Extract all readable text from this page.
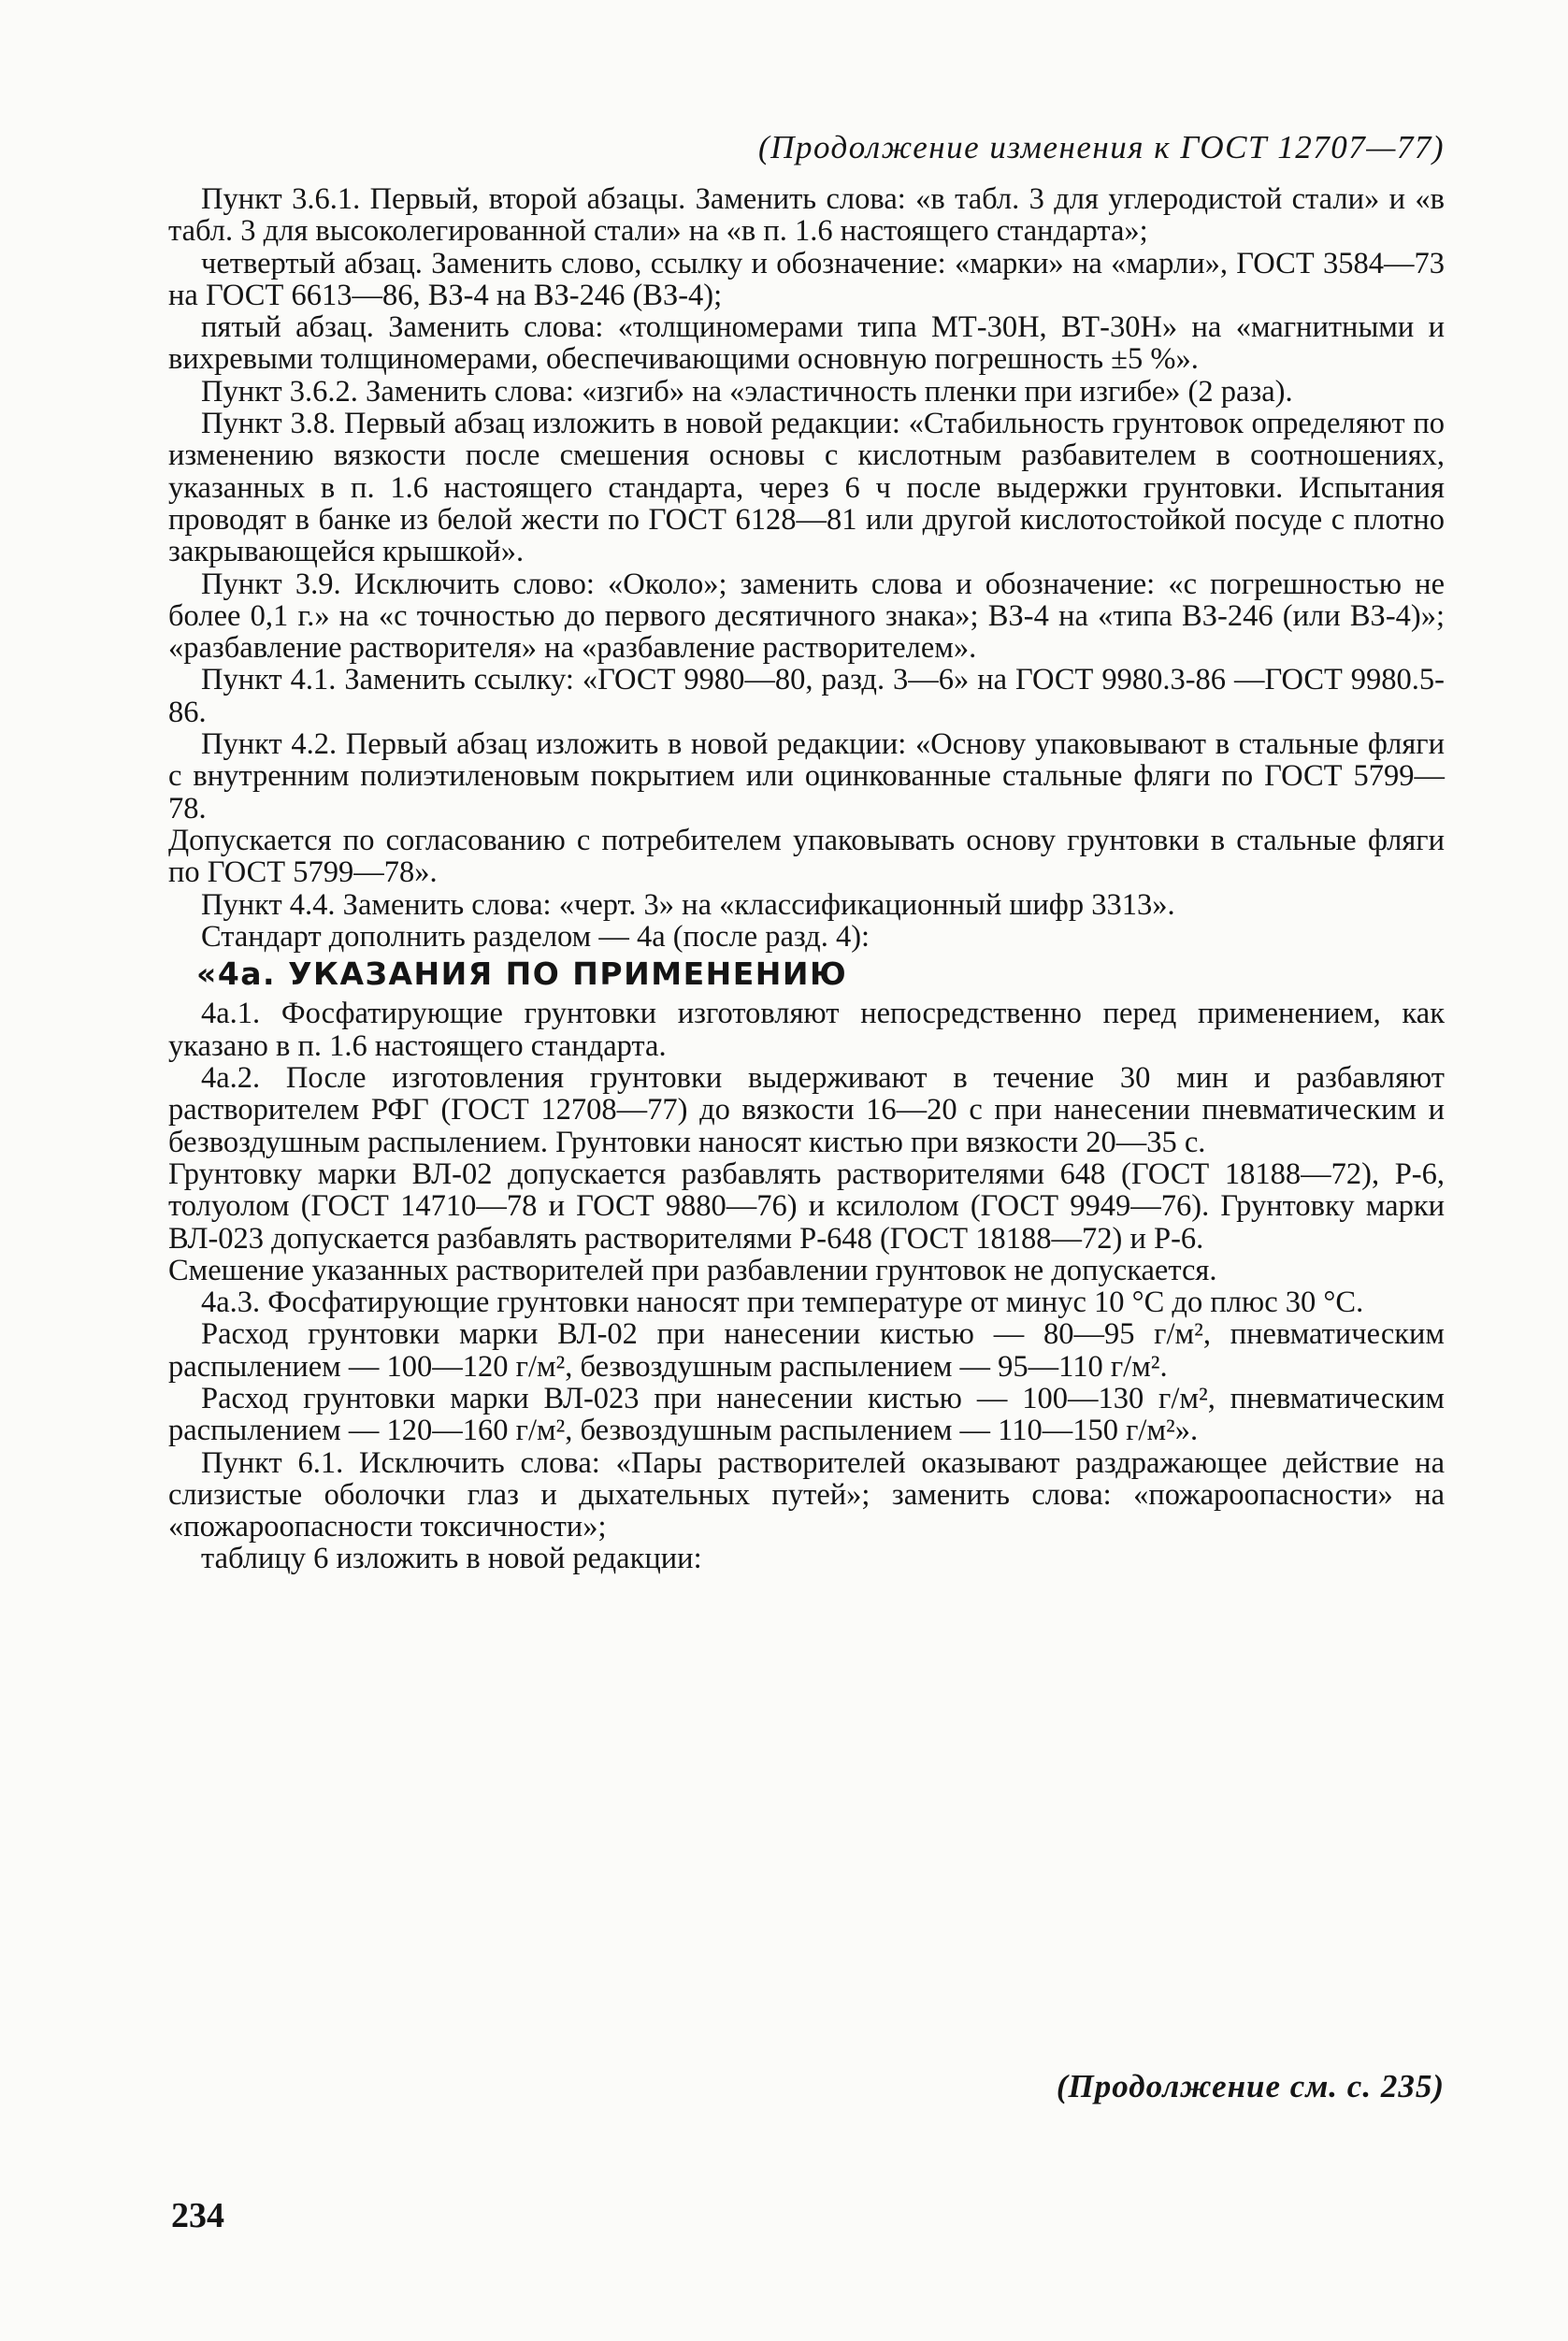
(Продолжение изменения к ГОСТ 12707—77)

Пункт 3.6.1. Первый, второй абзацы. Заменить слова: «в табл. 3 для углеродистой стали» и «в табл. 3 для высоколегированной стали» на «в п. 1.6 настоящего стандарта»;

четвертый абзац. Заменить слово, ссылку и обозначение: «марки» на «марли», ГОСТ 3584—73 на ГОСТ 6613—86, ВЗ-4 на ВЗ-246 (ВЗ-4);

пятый абзац. Заменить слова: «толщиномерами типа МТ-30Н, ВТ-30Н» на «магнитными и вихревыми толщиномерами, обеспечивающими основную погрешность ±5 %».

Пункт 3.6.2. Заменить слова: «изгиб» на «эластичность пленки при изгибе» (2 раза).

Пункт 3.8. Первый абзац изложить в новой редакции: «Стабильность грунтовок определяют по изменению вязкости после смешения основы с кислотным разбавителем в соотношениях, указанных в п. 1.6 настоящего стандарта, через 6 ч после выдержки грунтовки. Испытания проводят в банке из белой жести по ГОСТ 6128—81 или другой кислотостойкой посуде с плотно закрывающейся крышкой».

Пункт 3.9. Исключить слово: «Около»; заменить слова и обозначение: «с погрешностью не более 0,1 г.» на «с точностью до первого десятичного знака»; ВЗ-4 на «типа ВЗ-246 (или ВЗ-4)»; «разбавление растворителя» на «разбавление растворителем».

Пункт 4.1. Заменить ссылку: «ГОСТ 9980—80, разд. 3—6» на ГОСТ 9980.3-86 —ГОСТ 9980.5-86.

Пункт 4.2. Первый абзац изложить в новой редакции: «Основу упаковывают в стальные фляги с внутренним полиэтиленовым покрытием или оцинкованные стальные фляги по ГОСТ 5799—78.

Допускается по согласованию с потребителем упаковывать основу грунтовки в стальные фляги по ГОСТ 5799—78».

Пункт 4.4. Заменить слова: «черт. 3» на «классификационный шифр 3313».

Стандарт дополнить разделом — 4а (после разд. 4):

«4а. УКАЗАНИЯ ПО ПРИМЕНЕНИЮ

4а.1. Фосфатирующие грунтовки изготовляют непосредственно перед применением, как указано в п. 1.6 настоящего стандарта.

4а.2. После изготовления грунтовки выдерживают в течение 30 мин и разбавляют растворителем РФГ (ГОСТ 12708—77) до вязкости 16—20 с при нанесении пневматическим и безвоздушным распылением. Грунтовки наносят кистью при вязкости 20—35 с.

Грунтовку марки ВЛ-02 допускается разбавлять растворителями 648 (ГОСТ 18188—72), Р-6, толуолом (ГОСТ 14710—78 и ГОСТ 9880—76) и ксилолом (ГОСТ 9949—76). Грунтовку марки ВЛ-023 допускается разбавлять растворителями Р-648 (ГОСТ 18188—72) и Р-6.

Смешение указанных растворителей при разбавлении грунтовок не допускается.

4а.3. Фосфатирующие грунтовки наносят при температуре от минус 10 °С до плюс 30 °С.

Расход грунтовки марки ВЛ-02 при нанесении кистью — 80—95 г/м², пневматическим распылением — 100—120 г/м², безвоздушным распылением — 95—110 г/м².

Расход грунтовки марки ВЛ-023 при нанесении кистью — 100—130 г/м², пневматическим распылением — 120—160 г/м², безвоздушным распылением — 110—150 г/м²».

Пункт 6.1. Исключить слова: «Пары растворителей оказывают раздражающее действие на слизистые оболочки глаз и дыхательных путей»; заменить слова: «пожароопасности» на «пожароопасности токсичности»;

таблицу 6 изложить в новой редакции:

(Продолжение см. с. 235)
234
